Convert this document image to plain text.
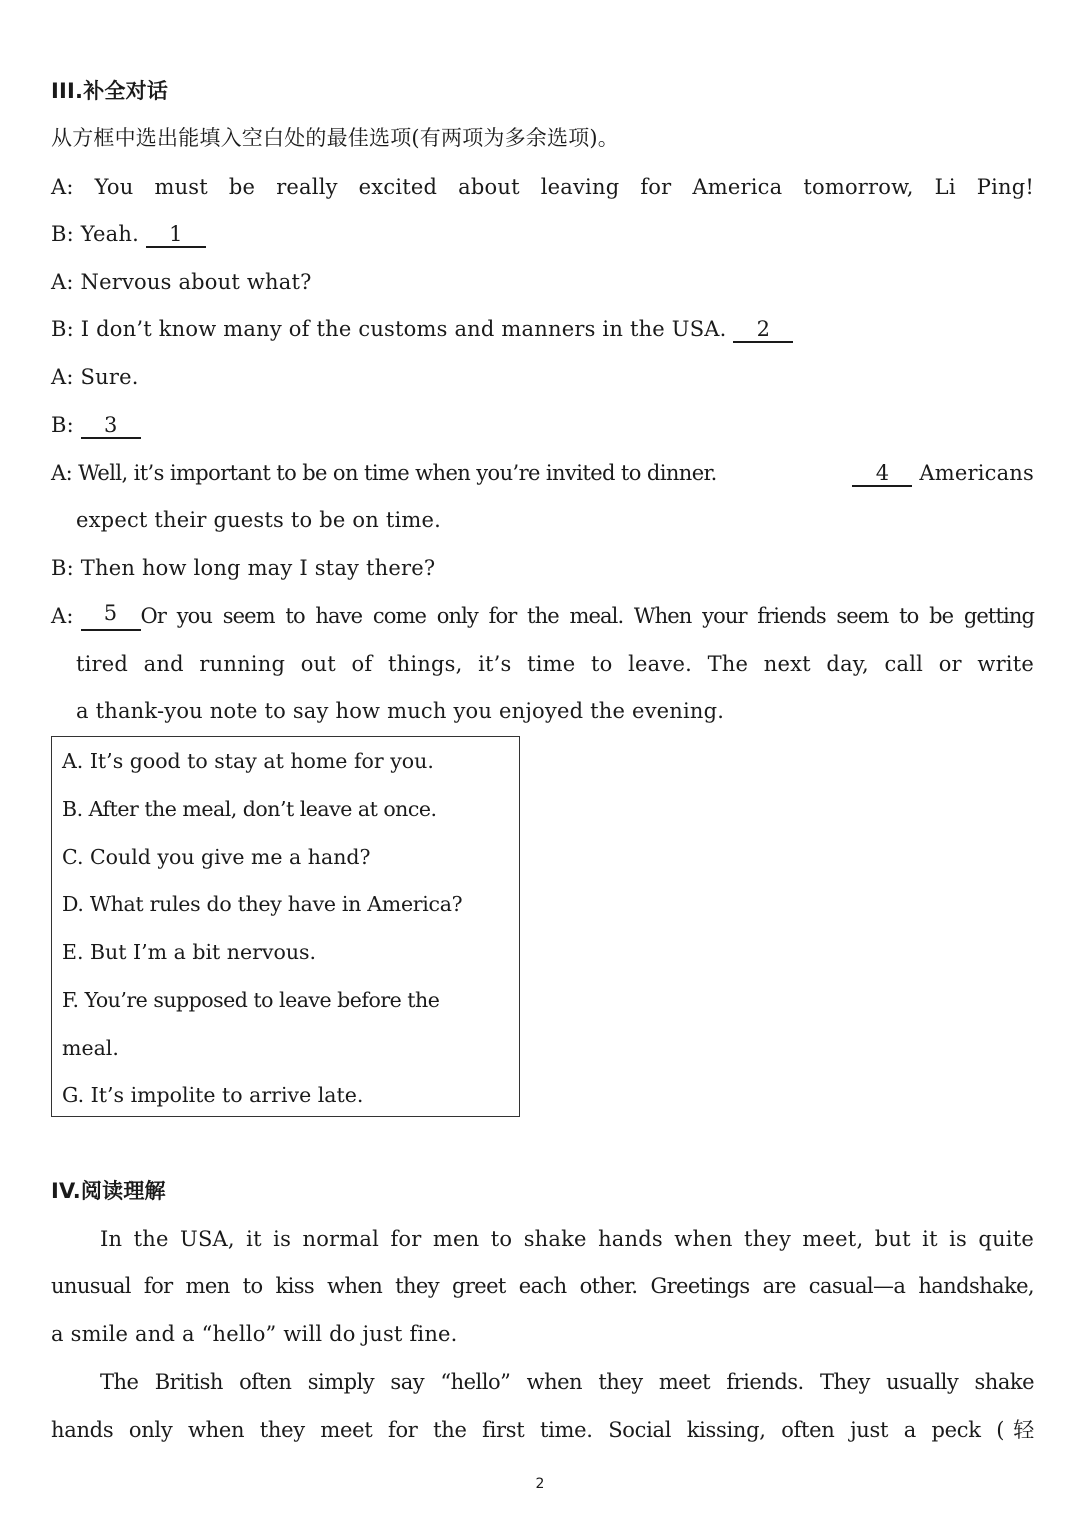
III.补全对话
从方框中选出能填入空白处的最佳选项(有两项为多余选项)。
A: You must be really excited about leaving for America tomorrow, Li Ping!
B: Yeah. 1
A: Nervous about what?
B: I don’t know many of the customs and manners in the USA. 2
A: Sure.
B: 3
A: Well, it’s important to be on time when you’re invited to dinner.	4 Americans
expect their guests to be on time.
B: Then how long may I stay there?
A:	5	Or you seem to have come only for the meal. When your friends seem to be getting
tired and running out of things, it’s time to leave. The next day, call or write
a thank-you note to say how much you enjoyed the evening.
A. It’s good to stay at home for you.
B. After the meal, don’t leave at once.
C. Could you give me a hand?
D. What rules do they have in America?
E. But I’m a bit nervous.
F. You’re supposed to leave before the
meal.
G. It’s impolite to arrive late.
IV.阅读理解
In the USA, it is normal for men to shake hands when they meet, but it is quite
unusual for men to kiss when they greet each other. Greetings are casual—a handshake,
a smile and a “hello” will do just fine.
The British often simply say “hello” when they meet friends. They usually shake
hands only when they meet for the first time. Social kissing, often just a peck (轻
2
